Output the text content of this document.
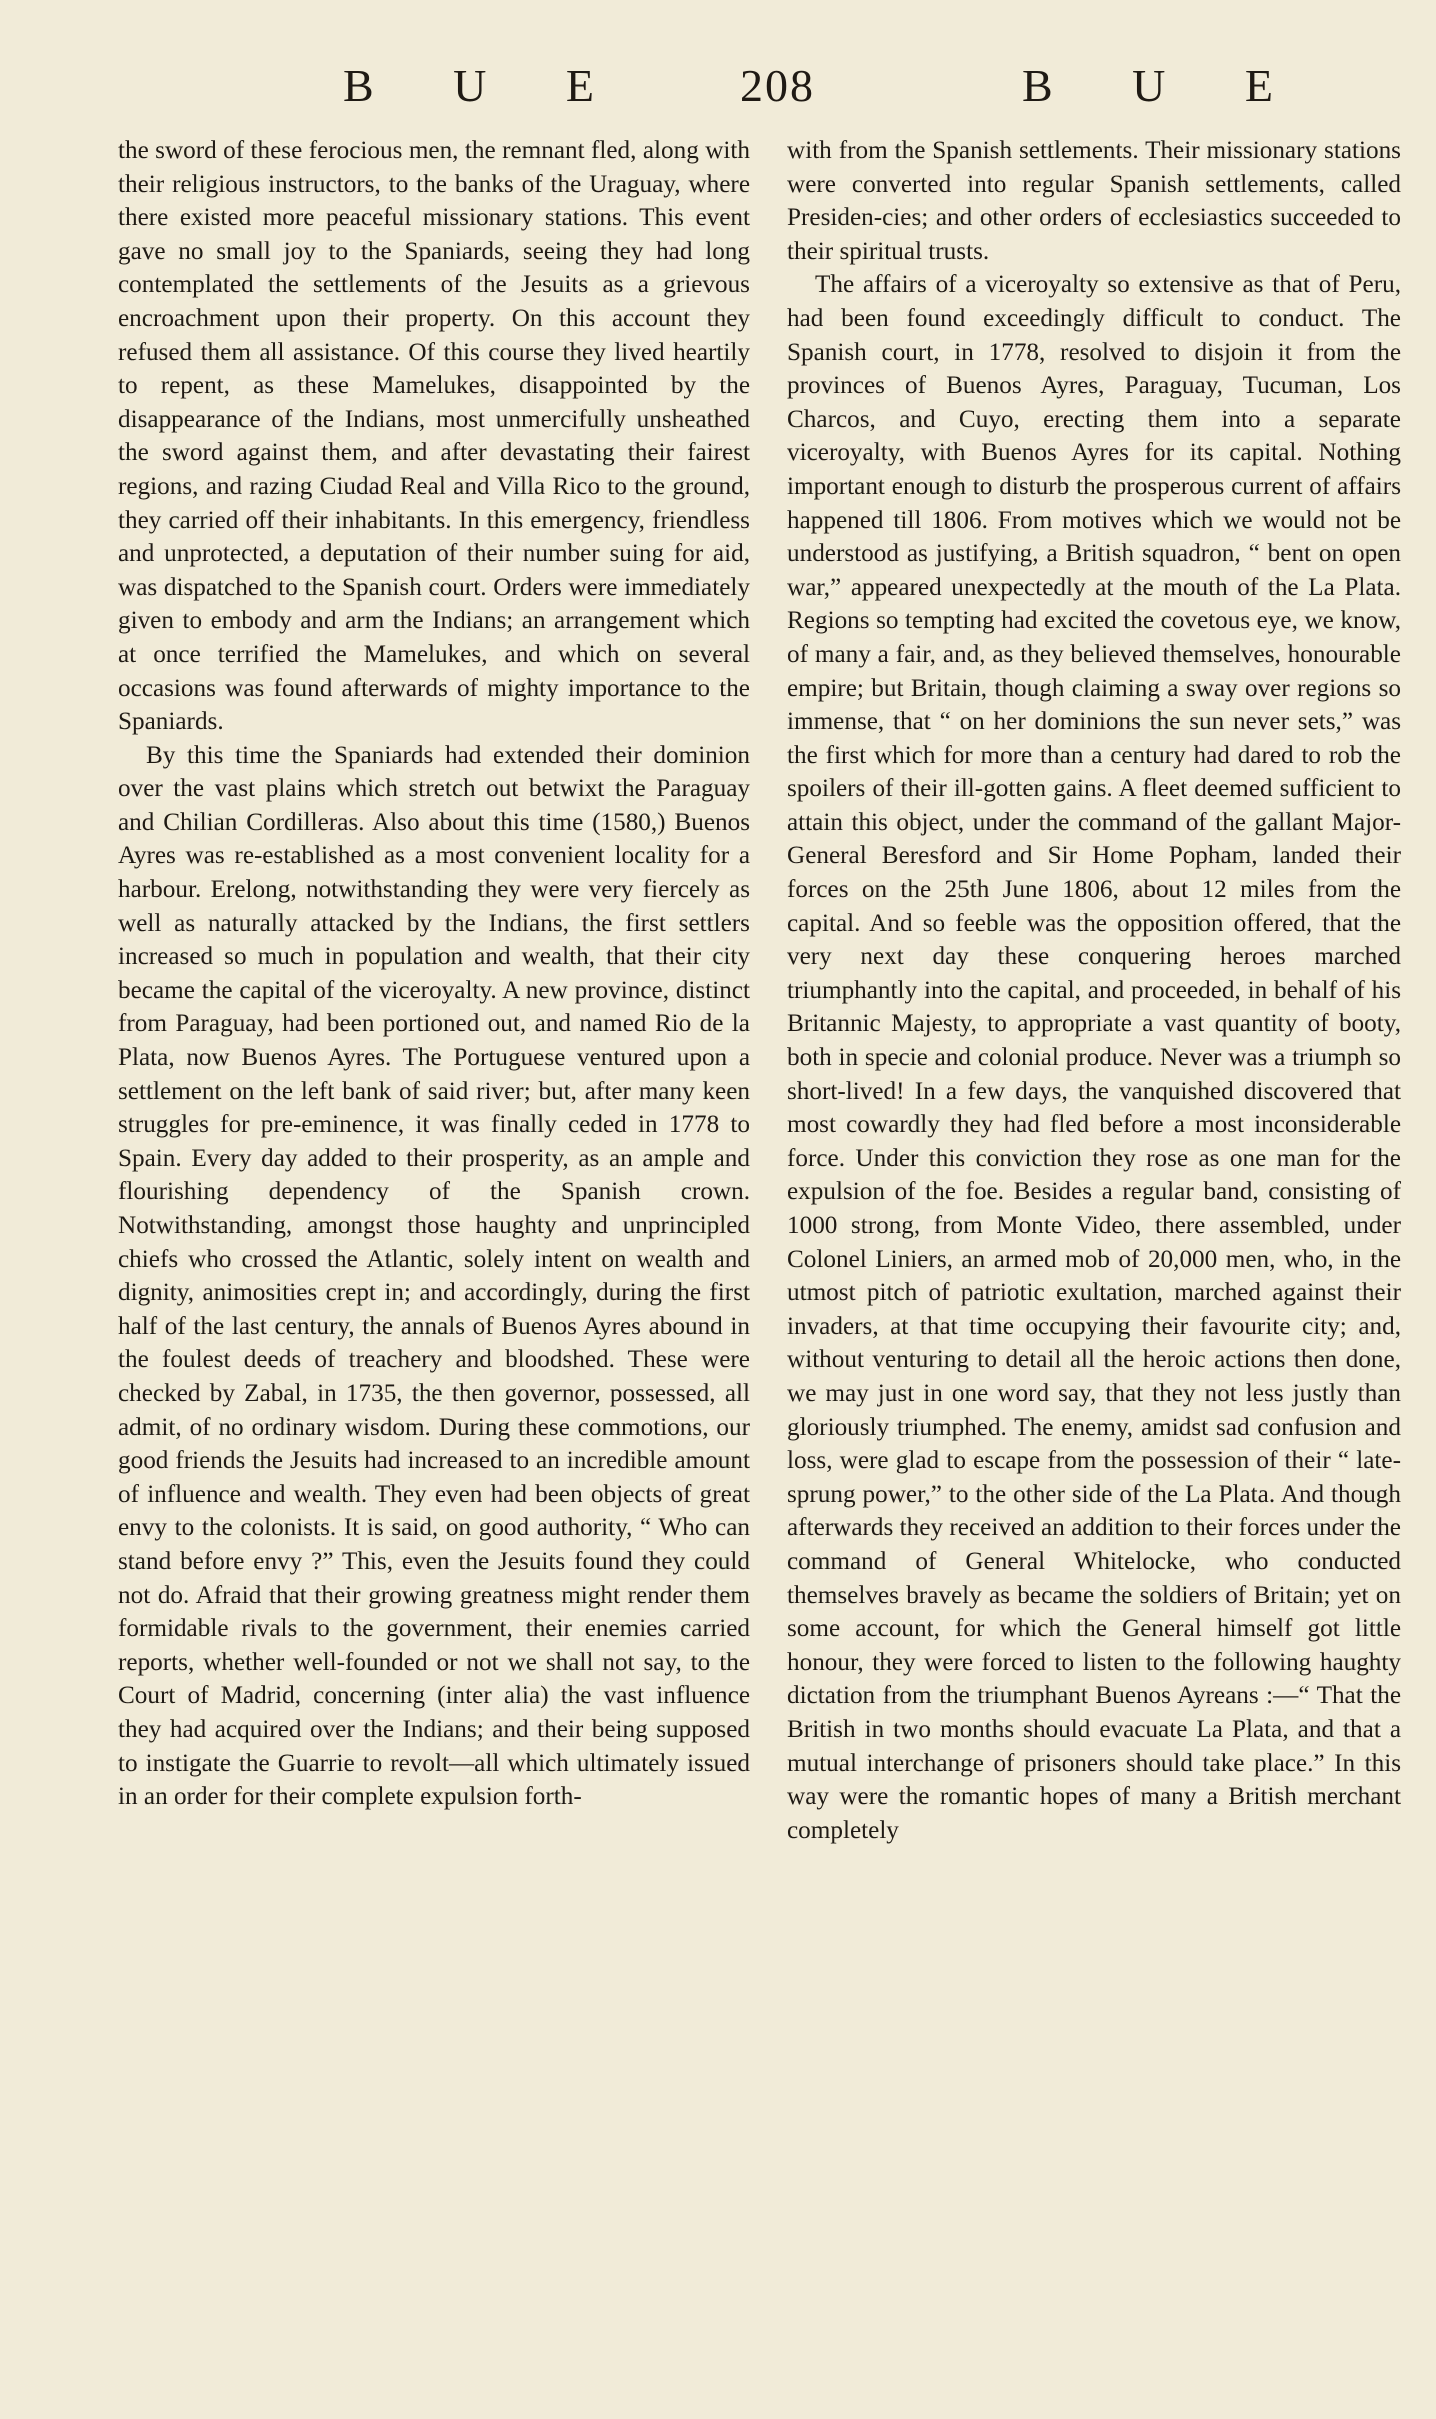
B U E 208	B U E

the sword of these ferocious men, the remnant fled, along with their religious instructors, to the banks of the Uraguay, where there existed more peaceful missionary stations. This event gave no small joy to the Spaniards, seeing they had long contemplated the settlements of the Jesuits as a grievous encroachment upon their property. On this account they refused them all assistance. Of this course they lived heartily to repent, as these Mamelukes, disappointed by the disappearance of the Indians, most unmercifully unsheathed the sword against them, and after devastating their fairest regions, and razing Ciudad Real and Villa Rico to the ground, they carried off their inhabitants. In this emergency, friendless and unprotected, a deputation of their number suing for aid, was dispatched to the Spanish court. Orders were immediately given to embody and arm the Indians; an arrangement which at once terrified the Mamelukes, and which on several occasions was found afterwards of mighty importance to the Spaniards.

By this time the Spaniards had extended their dominion over the vast plains which stretch out betwixt the Paraguay and Chilian Cordilleras. Also about this time (1580,) Buenos Ayres was re-established as a most convenient locality for a harbour. Erelong, notwithstanding they were very fiercely as well as naturally attacked by the Indians, the first settlers increased so much in population and wealth, that their city became the capital of the viceroyalty. A new province, distinct from Paraguay, had been portioned out, and named Rio de la Plata, now Buenos Ayres. The Portuguese ventured upon a settlement on the left bank of said river; but, after many keen struggles for pre-eminence, it was finally ceded in 1778 to Spain. Every day added to their prosperity, as an ample and flourishing dependency of the Spanish crown. Notwithstanding, amongst those haughty and unprincipled chiefs who crossed the Atlantic, solely intent on wealth and dignity, animosities crept in; and accordingly, during the first half of the last century, the annals of Buenos Ayres abound in the foulest deeds of treachery and bloodshed. These were checked by Zabal, in 1735, the then governor, possessed, all admit, of no ordinary wisdom. During these commotions, our good friends the Jesuits had increased to an incredible amount of influence and wealth. They even had been objects of great envy to the colonists. It is said, on good authority, “ Who can stand before envy ?” This, even the Jesuits found they could not do. Afraid that their growing greatness might render them formidable rivals to the government, their enemies carried reports, whether well-founded or not we shall not say, to the Court of Madrid, concerning (inter alia) the vast influence they had acquired over the Indians; and their being supposed to instigate the Guarrie to revolt—all which ultimately issued in an order for their complete expulsion forth-

with from the Spanish settlements. Their missionary stations were converted into regular Spanish settlements, called Presiden-cies; and other orders of ecclesiastics succeeded to their spiritual trusts.

The affairs of a viceroyalty so extensive as that of Peru, had been found exceedingly difficult to conduct. The Spanish court, in 1778, resolved to disjoin it from the provinces of Buenos Ayres, Paraguay, Tucuman, Los Charcos, and Cuyo, erecting them into a separate viceroyalty, with Buenos Ayres for its capital. Nothing important enough to disturb the prosperous current of affairs happened till 1806. From motives which we would not be understood as justifying, a British squadron, “ bent on open war,” appeared unexpectedly at the mouth of the La Plata. Regions so tempting had excited the covetous eye, we know, of many a fair, and, as they believed themselves, honourable empire; but Britain, though claiming a sway over regions so immense, that “ on her dominions the sun never sets,” was the first which for more than a century had dared to rob the spoilers of their ill-gotten gains. A fleet deemed sufficient to attain this object, under the command of the gallant Major-General Beresford and Sir Home Popham, landed their forces on the 25th June 1806, about 12 miles from the capital. And so feeble was the opposition offered, that the very next day these conquering heroes marched triumphantly into the capital, and proceeded, in behalf of his Britannic Majesty, to appropriate a vast quantity of booty, both in specie and colonial produce. Never was a triumph so short-lived! In a few days, the vanquished discovered that most cowardly they had fled before a most inconsiderable force. Under this conviction they rose as one man for the expulsion of the foe. Besides a regular band, consisting of 1000 strong, from Monte Video, there assembled, under Colonel Liniers, an armed mob of 20,000 men, who, in the utmost pitch of patriotic exultation, marched against their invaders, at that time occupying their favourite city; and, without venturing to detail all the heroic actions then done, we may just in one word say, that they not less justly than gloriously triumphed. The enemy, amidst sad confusion and loss, were glad to escape from the possession of their “ late-sprung power,” to the other side of the La Plata. And though afterwards they received an addition to their forces under the command of General Whitelocke, who conducted themselves bravely as became the soldiers of Britain; yet on some account, for which the General himself got little honour, they were forced to listen to the following haughty dictation from the triumphant Buenos Ayreans :—“ That the British in two months should evacuate La Plata, and that a mutual interchange of prisoners should take place.” In this way were the romantic hopes of many a British merchant completely
